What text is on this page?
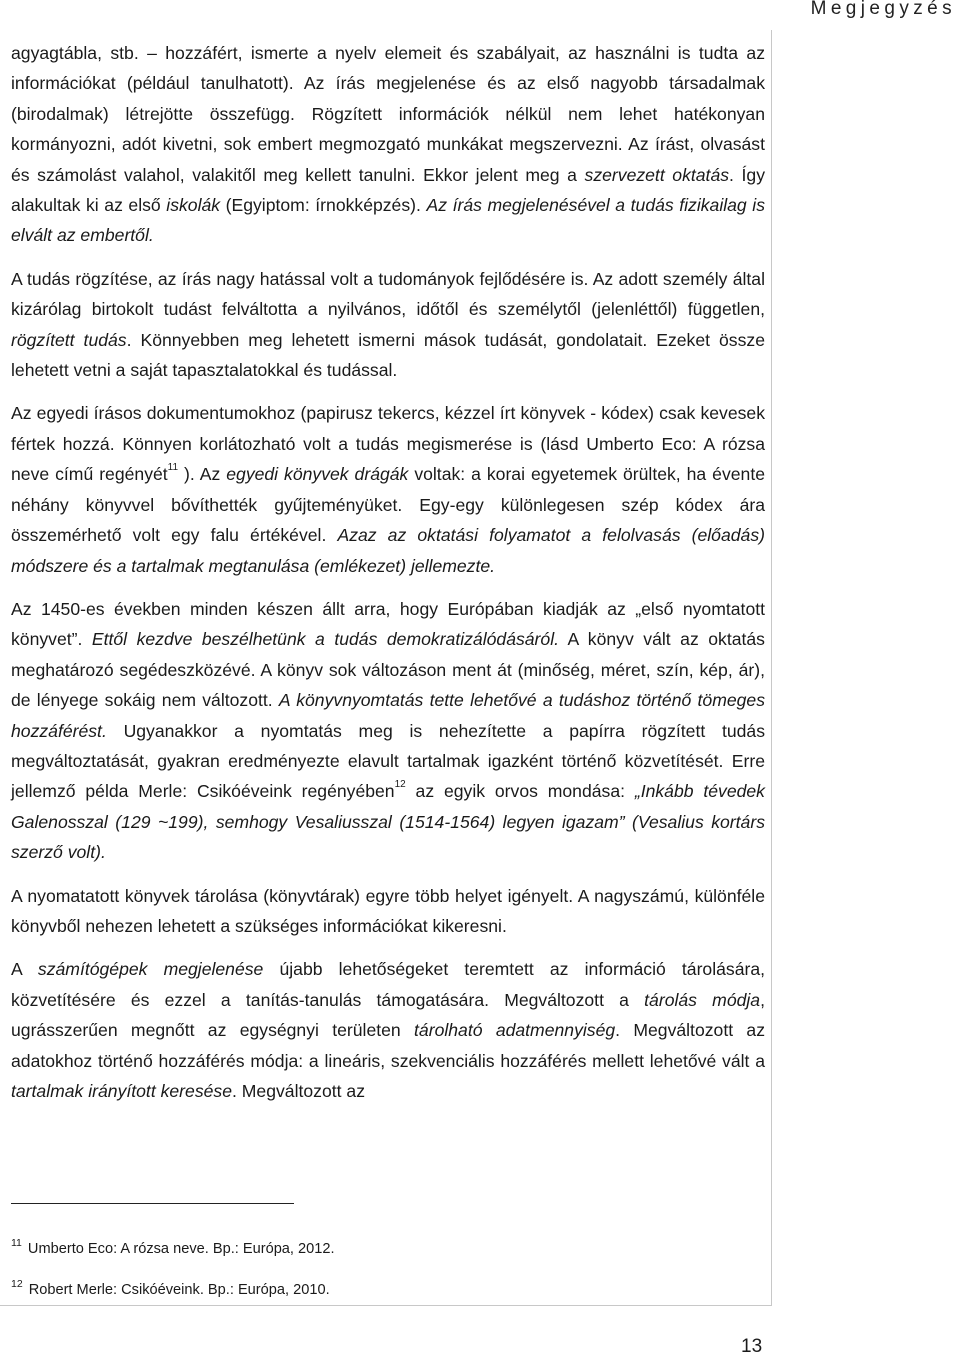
Megjegyzés

agyagtábla, stb. – hozzáfért, ismerte a nyelv elemeit és szabályait, az használni is tudta az információkat (például tanulhatott). Az írás megjelenése és az első nagyobb társadalmak (birodalmak) létrejötte összefügg. Rögzített információk nélkül nem lehet hatékonyan kormányozni, adót kivetni, sok embert megmozgató munkákat megszervezni. Az írást, olvasást és számolást valahol, valakitől meg kellett tanulni. Ekkor jelent meg a szervezett oktatás. Így alakultak ki az első iskolák (Egyiptom: írnokképzés). Az írás megjelenésével a tudás fizikailag is elvált az embertől.

A tudás rögzítése, az írás nagy hatással volt a tudományok fejlődésére is. Az adott személy által kizárólag birtokolt tudást felváltotta a nyilvános, időtől és személytől (jelenléttől) független, rögzített tudás. Könnyebben meg lehetett ismerni mások tudását, gondolatait. Ezeket össze lehetett vetni a saját tapasztalatokkal és tudással.

Az egyedi írásos dokumentumokhoz (papirusz tekercs, kézzel írt könyvek - kódex) csak kevesek fértek hozzá. Könnyen korlátozható volt a tudás megismerése is (lásd Umberto Eco: A rózsa neve című regényét$^{11}$ ). Az egyedi könyvek drágák voltak: a korai egyetemek örültek, ha évente néhány könyvvel bővíthették gyűjteményüket. Egy-egy különlegesen szép kódex ára összemérhető volt egy falu értékével. Azaz az oktatási folyamatot a felolvasás (előadás) módszere és a tartalmak megtanulása (emlékezet) jellemezte.

Az 1450-es években minden készen állt arra, hogy Európában kiadják az „első nyomtatott könyvet”. Ettől kezdve beszélhetünk a tudás demokratizálódásáról. A könyv vált az oktatás meghatározó segédeszközévé. A könyv sok változáson ment át (minőség, méret, szín, kép, ár), de lényege sokáig nem változott. A könyvnyomtatás tette lehetővé a tudáshoz történő tömeges hozzáférést. Ugyanakkor a nyomtatás meg is nehezítette a papírra rögzített tudás megváltoztatását, gyakran eredményezte elavult tartalmak igazként történő közvetítését. Erre jellemző példa Merle: Csikóéveink regényében$^{12}$ az egyik orvos mondása: „Inkább tévedek Galenosszal (129 ~199), semhogy Vesaliusszal (1514-1564) legyen igazam” (Vesalius kortárs szerző volt).

A nyomatatott könyvek tárolása (könyvtárak) egyre több helyet igényelt. A nagyszámú, különféle könyvből nehezen lehetett a szükséges információkat kikeresni.

A számítógépek megjelenése újabb lehetőségeket teremtett az információ tárolására, közvetítésére és ezzel a tanítás-tanulás támogatására. Megváltozott a tárolás módja, ugrásszerűen megnőtt az egységnyi területen tárolható adatmennyiség. Megváltozott az adatokhoz történő hozzáférés módja: a lineáris, szekvenciális hozzáférés mellett lehetővé vált a tartalmak irányított keresése. Megváltozott az

$^{11}$ Umberto Eco: A rózsa neve. Bp.: Európa, 2012.
$^{12}$ Robert Merle: Csikóéveink. Bp.: Európa, 2010.
13
